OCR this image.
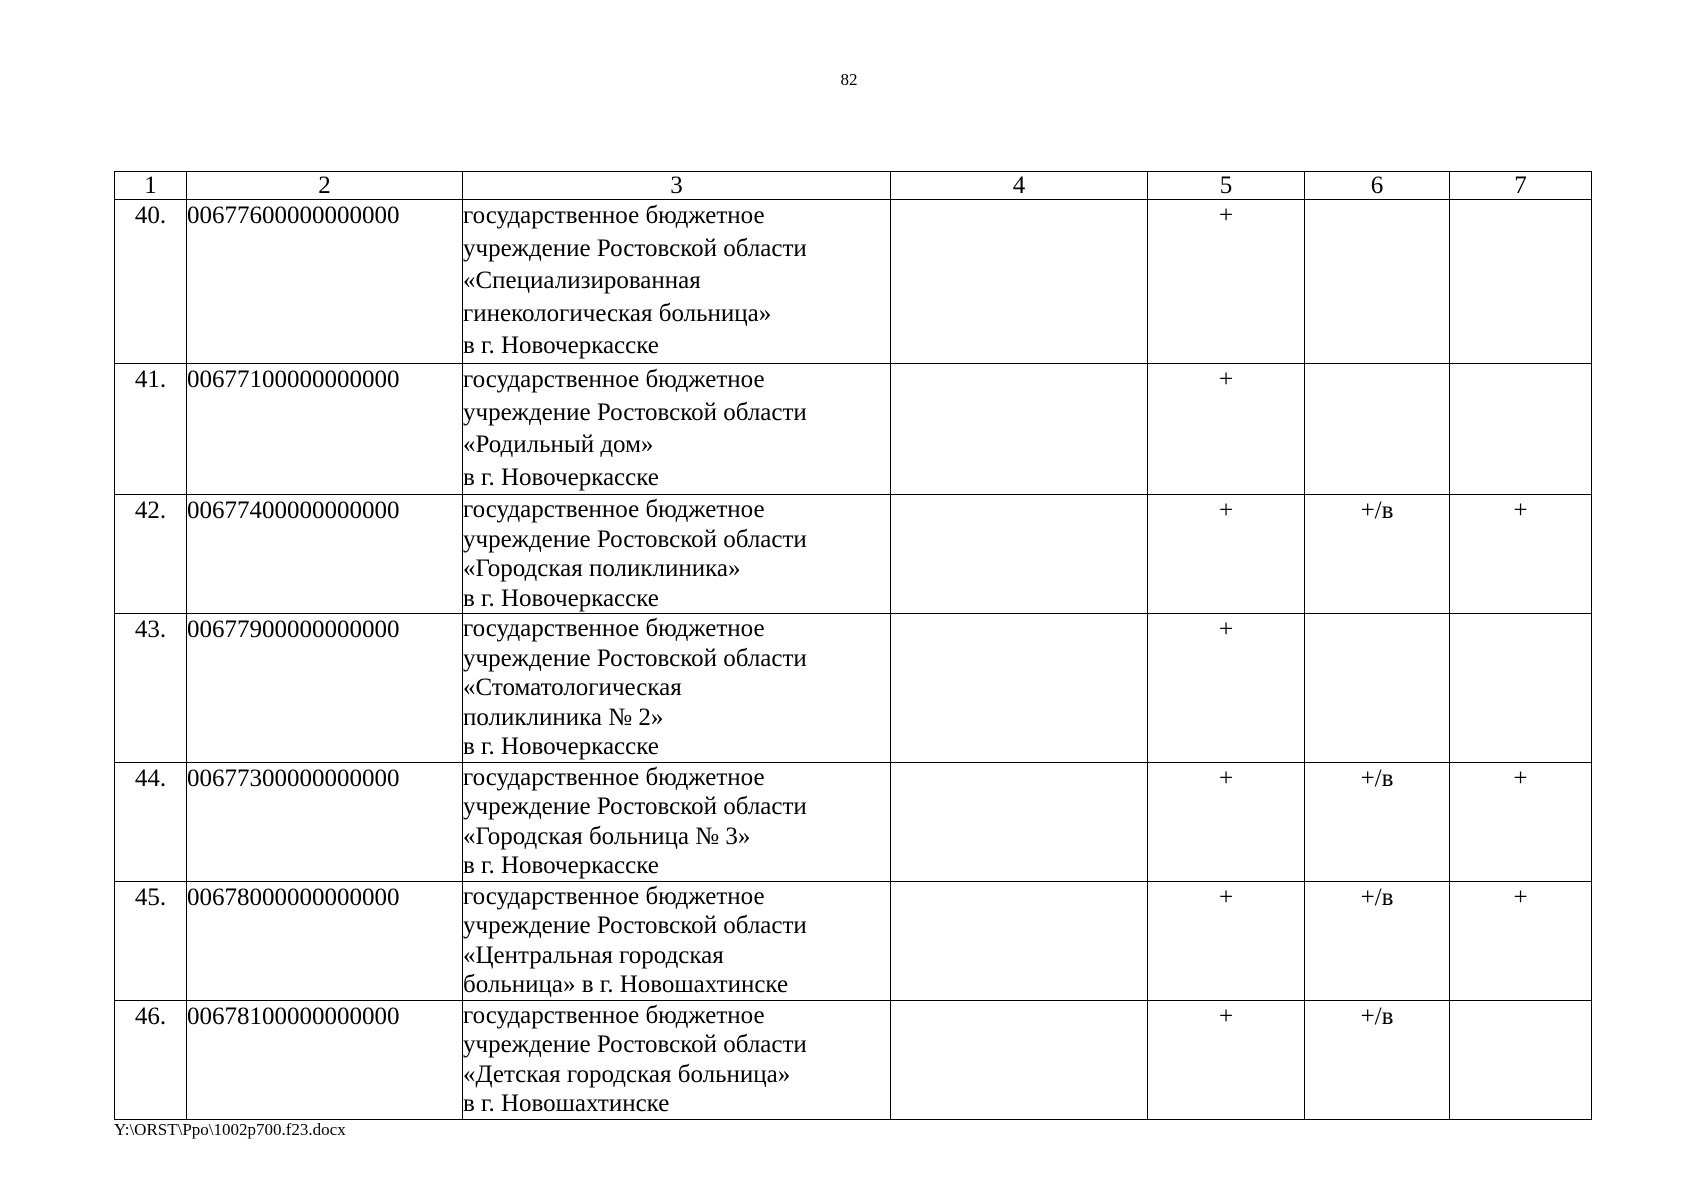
82
1	2	3	4	5	6	7
40.	00677600000000000	государственное бюджетное
учреждение Ростовской области
«Специализированная
гинекологическая больница»
в г. Новочеркасске		+		
41.	00677100000000000	государственное бюджетное
учреждение Ростовской области
«Родильный дом»
в г. Новочеркасске		+		
42.	00677400000000000	государственное бюджетное
учреждение Ростовской области
«Городская поликлиника»
в г. Новочеркасске		+	+/в	+
43.	00677900000000000	государственное бюджетное
учреждение Ростовской области
«Стоматологическая
поликлиника № 2»
в г. Новочеркасске		+		
44.	00677300000000000	государственное бюджетное
учреждение Ростовской области
«Городская больница № 3»
в г. Новочеркасске		+	+/в	+
45.	00678000000000000	государственное бюджетное
учреждение Ростовской области
«Центральная городская
больница» в г. Новошахтинске		+	+/в	+
46.	00678100000000000	государственное бюджетное
учреждение Ростовской области
«Детская городская больница»
в г. Новошахтинске		+	+/в	
Y:\ORST\Ppo\1002p700.f23.docx
